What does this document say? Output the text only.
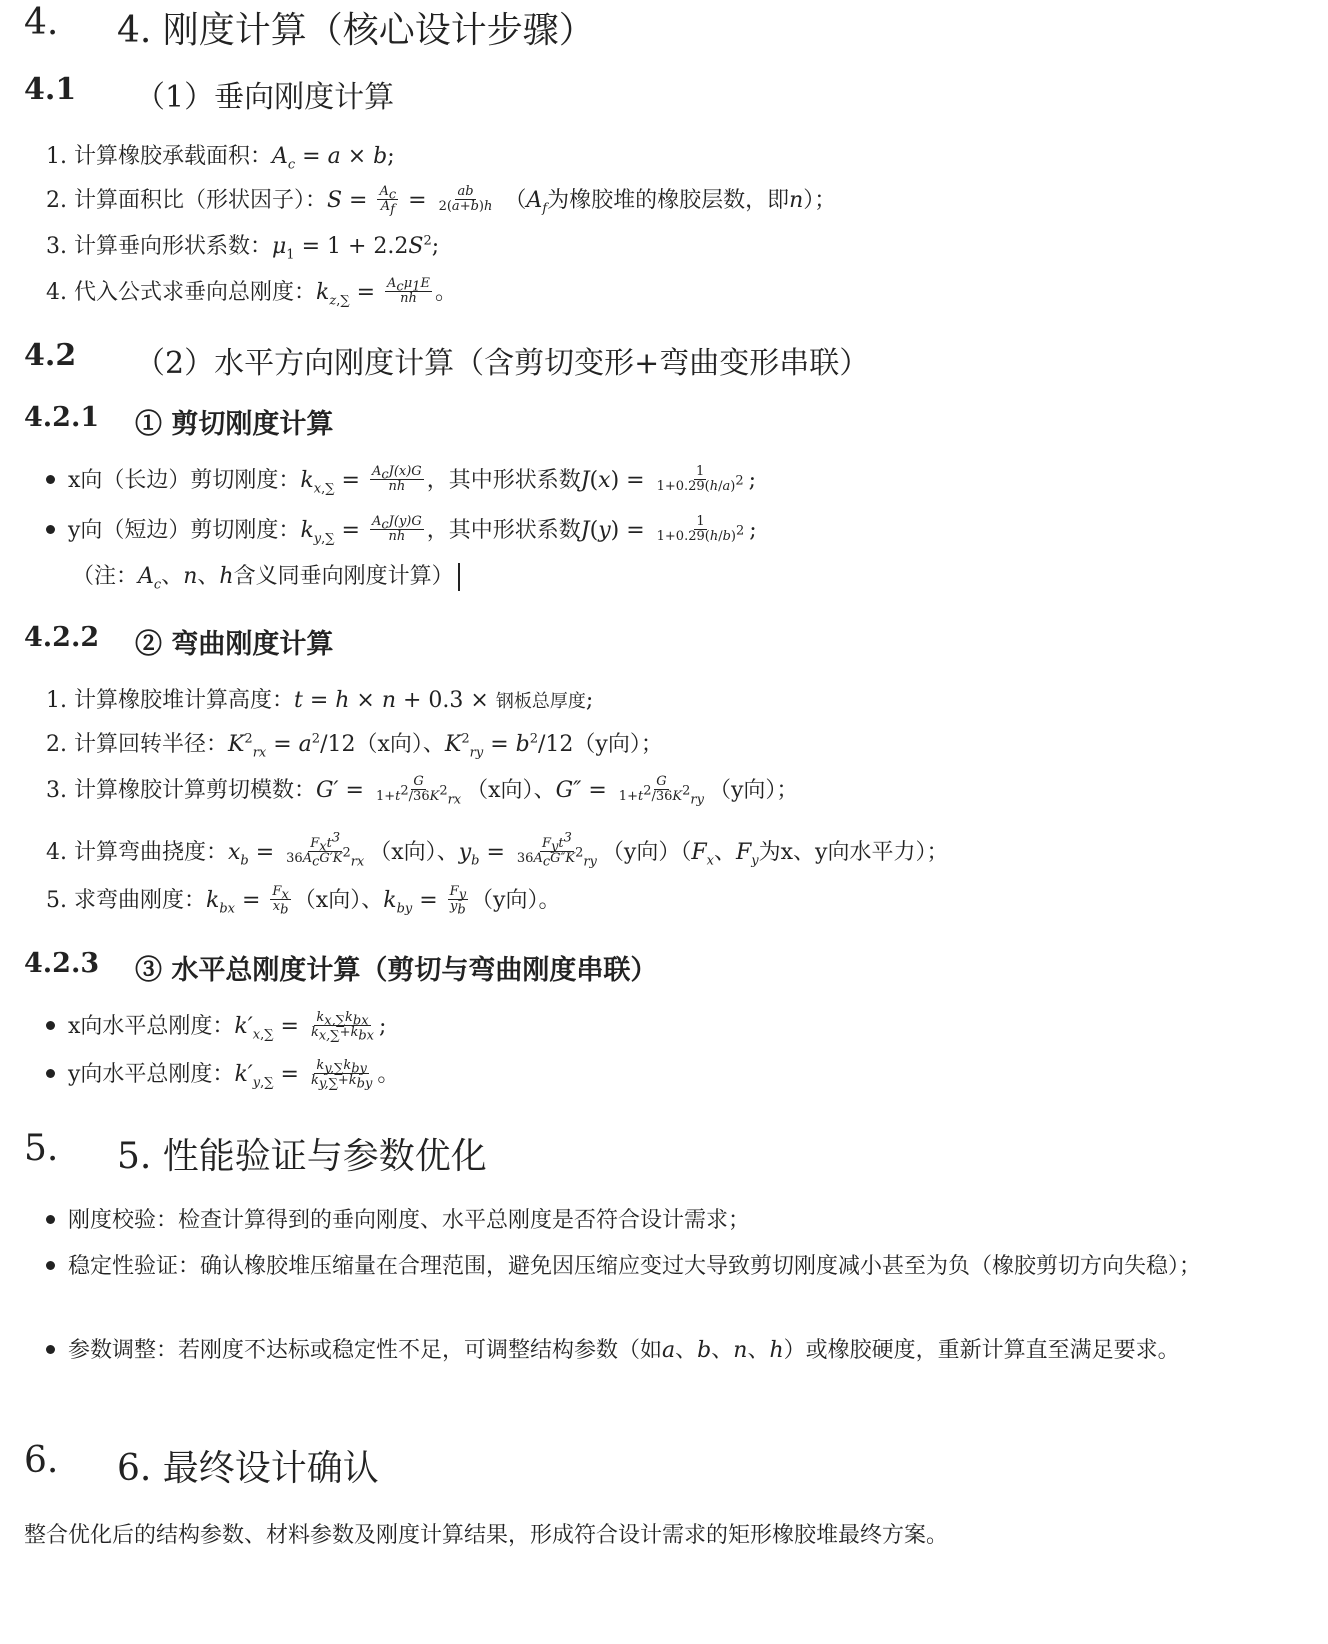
4. 4. 刚度计算（核心设计步骤）
4.1 （1）垂向刚度计算
1. 计算橡胶承载面积：$A_c = a \times b$;
2. 计算面积比（形状因子）：$S = \frac{A_c}{A_f} = \frac{ab}{2(a+b)h} (A_f$为橡胶堆的橡胶层数，即n）；
3. 计算垂向形状系数：$\mu_1 = 1 + 2.2S^2$;
4. 代入公式求垂向总刚度：$k_{z,\sum} = \frac{A_c\mu_1E}{nh}$ 。
4.2 （2）水平方向刚度计算（含剪切变形+弯曲变形串联）
4.2.1 ① 剪切刚度计算
x向（长边）剪切刚度：$k_{x,\sum} = \frac{A_cJ(x)G}{nh}$ ，其中形状系数$J(x) = \frac{1}{1+0.29(h/a)^2}$ ;
y向（短边）剪切刚度：$k_{y,\sum} = \frac{A_cJ(y)G}{nh}$ ，其中形状系数$J(y) = \frac{1}{1+0.29(h/b)^2}$ ;
（注：$A_c$、n、h含义同垂向刚度计算）
4.2.2 ② 弯曲刚度计算
1. 计算橡胶堆计算高度：t = h × n + 0.3 × 钢板总厚度;
2. 计算回转半径：$K^2_{rx} = a^2/12(x$向）、$K^2_{ry} = b^2/12(y$向）；
3. 计算橡胶计算剪切模数：$G' = \frac{G}{1+t^2/36K^2_{rx}} (x$向）、$G'' = \frac{G}{1+t^2/36K^2_{ry}} (y$向）；
4. 计算弯曲挠度：$x_b = \frac{F_xt^3}{36A_cG'K^2_{rx}} (x$向）、$y_b = \frac{F_yt^3}{36A_cG''K^2_{ry}} (y$向）（$F_x$、$F_y$为x、y向水平力）；
5. 求弯曲刚度：$k_{bx} = \frac{F_x}{x_b} (x$向）、$k_{by} = \frac{F_y}{y_b} (y$向）。
4.2.3 ③ 水平总刚度计算（剪切与弯曲刚度串联）
x向水平总刚度：$k'_{x,\sum} = \frac{k_{x,\sum}k_{bx}}{k_{x,\sum}+k_{bx}}$ ;
y向水平总刚度：$k'_{y,\sum} = \frac{k_{y,\sum}k_{by}}{k_{y,\sum}+k_{by}}$ 。
5. 5. 性能验证与参数优化
刚度校验：检查计算得到的垂向刚度、水平总刚度是否符合设计需求；
稳定性验证：确认橡胶堆压缩量在合理范围，避免因压缩应变过大导致剪切刚度减小甚至为负（橡胶剪切方向失稳）；
参数调整：若刚度不达标或稳定性不足，可调整结构参数（如a、b、n、h）或橡胶硬度，重新计算直至满足要求。
6. 6. 最终设计确认
整合优化后的结构参数、材料参数及刚度计算结果，形成符合设计需求的矩形橡胶堆最终方案。
